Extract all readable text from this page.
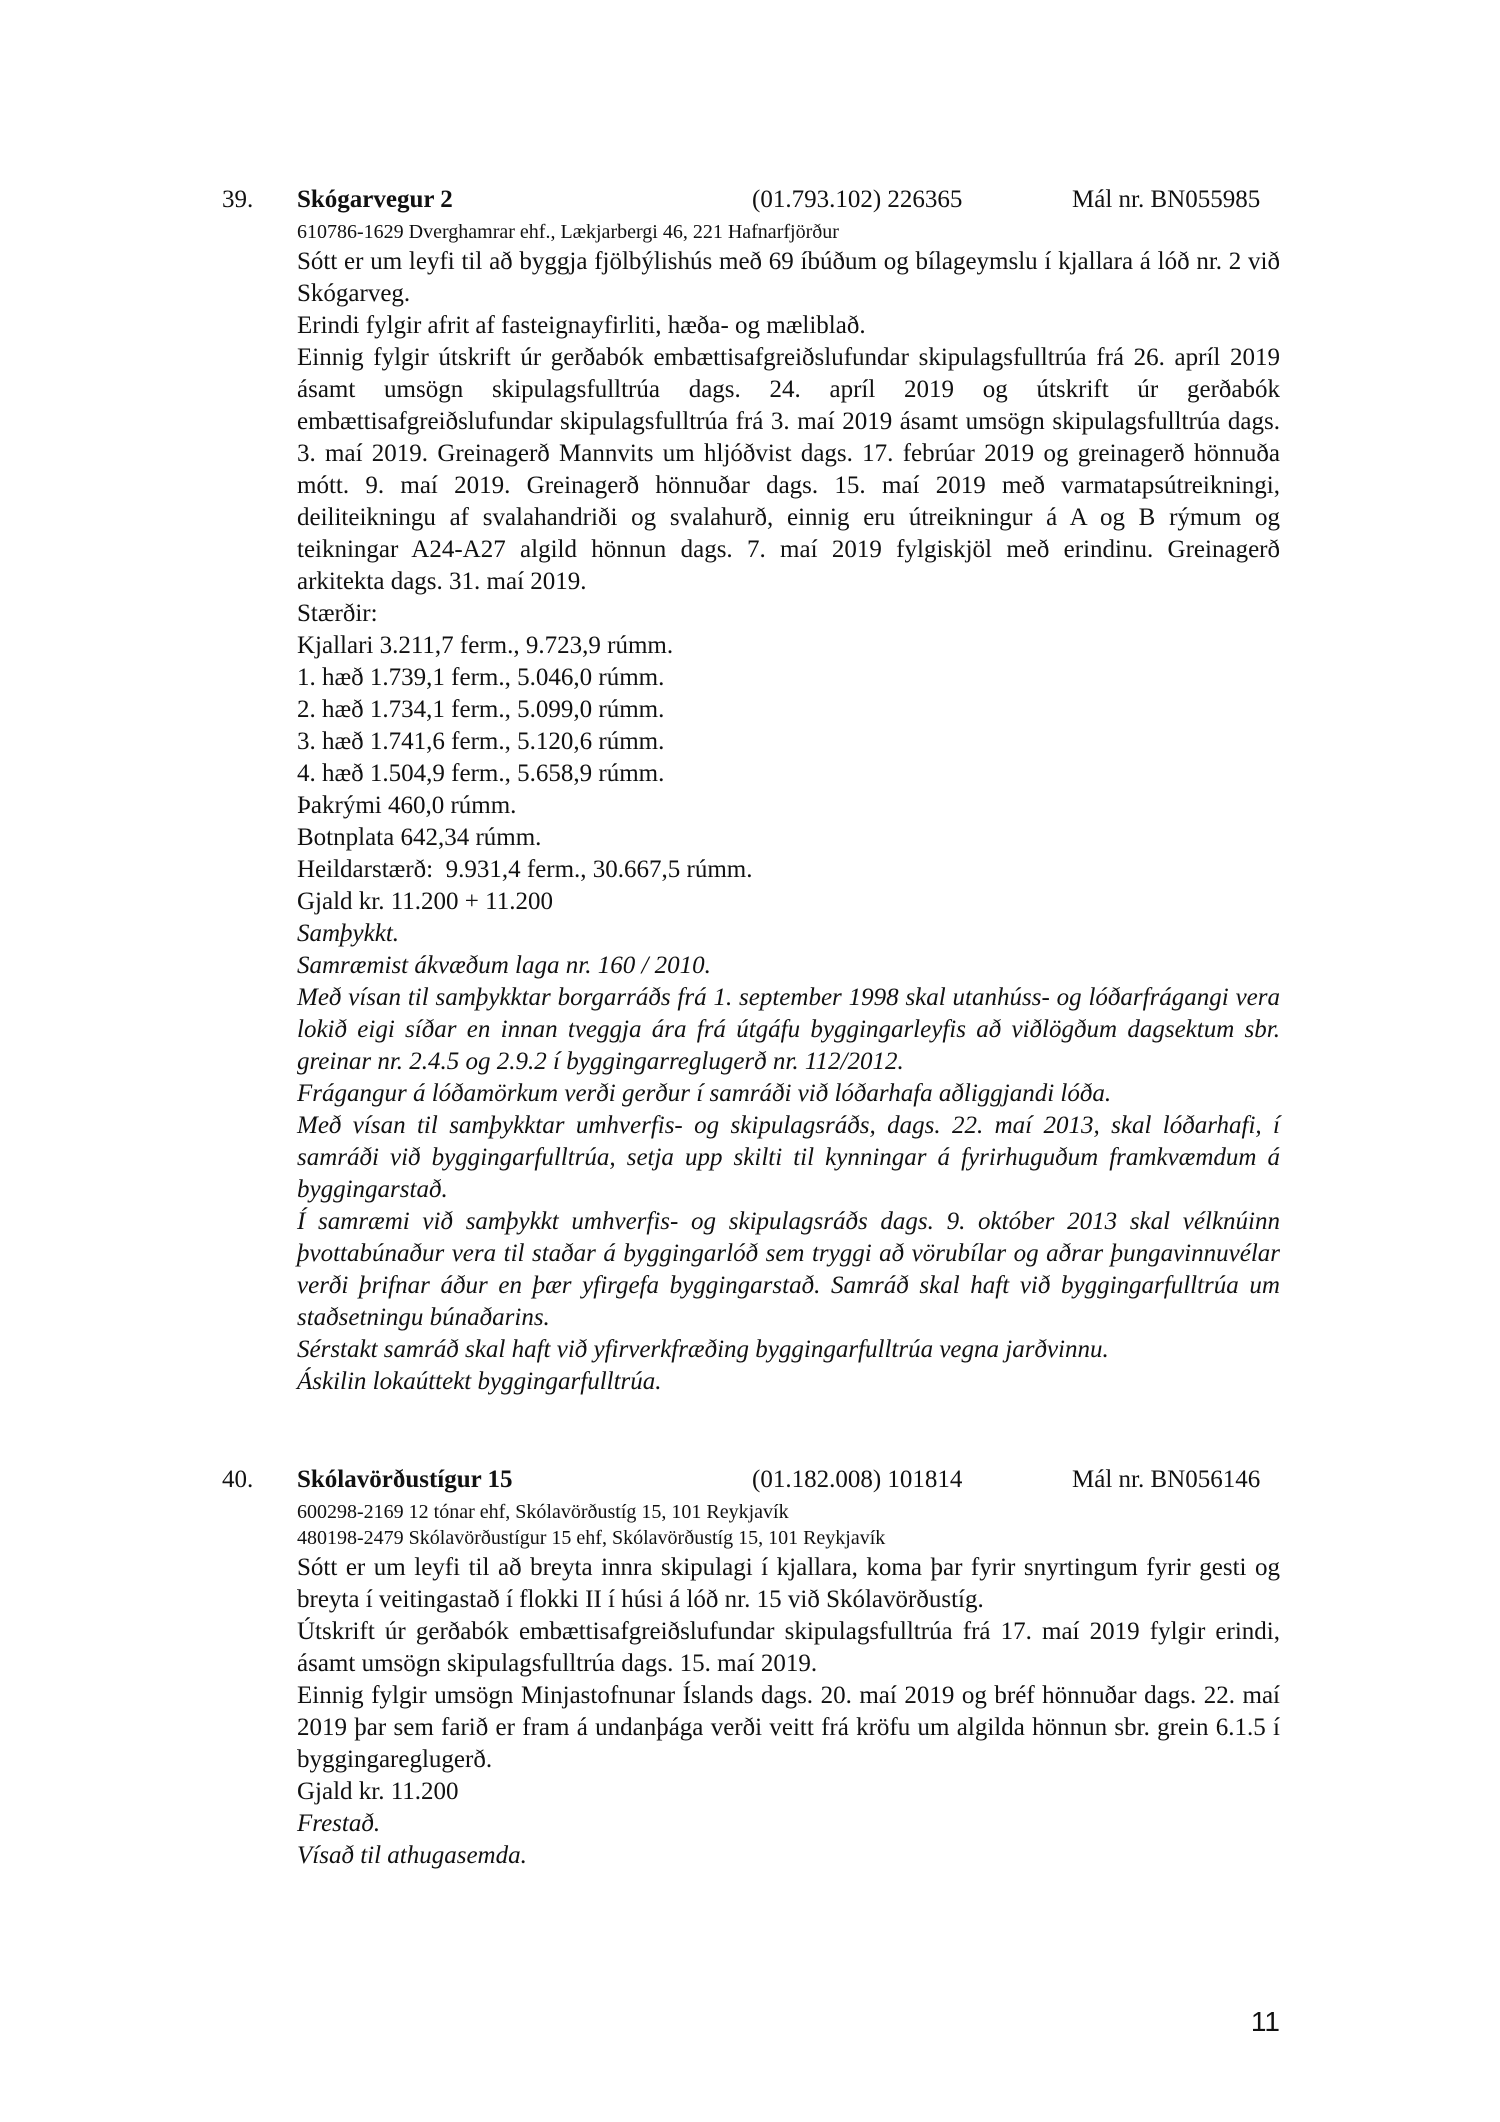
39. Skógarvegur 2	(01.793.102) 226365	Mál nr. BN055985
610786-1629 Dverghamrar ehf., Lækjarbergi 46, 221 Hafnarfjörður

Sótt er um leyfi til að byggja fjölbýlishús með 69 íbúðum og bílageymslu í kjallara á lóð nr. 2 við Skógarveg.

Erindi fylgir afrit af fasteignayfirliti, hæða- og mæliblað.

Einnig fylgir útskrift úr gerðabók embættisafgreiðslufundar skipulagsfulltrúa frá 26. apríl 2019 ásamt umsögn skipulagsfulltrúa dags. 24. apríl 2019 og útskrift úr gerðabók embættisafgreiðslufundar skipulagsfulltrúa frá 3. maí 2019 ásamt umsögn skipulagsfulltrúa dags. 3. maí 2019. Greinagerð Mannvits um hljóðvist dags. 17. febrúar 2019 og greinagerð hönnuða mótt. 9. maí 2019. Greinagerð hönnuðar dags. 15. maí 2019 með varmatapsútreikningi, deiliteikningu af svalahandriði og svalahurð, einnig eru útreikningur á A og B rýmum og teikningar A24-A27 algild hönnun dags. 7. maí 2019 fylgiskjöl með erindinu. Greinagerð arkitekta dags. 31. maí 2019.

Stærðir:

Kjallari 3.211,7 ferm., 9.723,9 rúmm.

1. hæð 1.739,1 ferm., 5.046,0 rúmm.

2. hæð 1.734,1 ferm., 5.099,0 rúmm.

3. hæð 1.741,6 ferm., 5.120,6 rúmm.

4. hæð 1.504,9 ferm., 5.658,9 rúmm.

Þakrými 460,0 rúmm.

Botnplata 642,34 rúmm.

Heildarstærð:  9.931,4 ferm., 30.667,5 rúmm.

Gjald kr. 11.200 + 11.200

Samþykkt.

Samræmist ákvæðum laga nr. 160 / 2010.

Með vísan til samþykktar borgarráðs frá 1. september 1998 skal utanhúss- og lóðarfrágangi vera lokið eigi síðar en innan tveggja ára frá útgáfu byggingarleyfis að viðlögðum dagsektum sbr. greinar nr. 2.4.5 og 2.9.2 í byggingarreglugerð nr. 112/2012.

Frágangur á lóðamörkum verði gerður í samráði við lóðarhafa aðliggjandi lóða.

Með vísan til samþykktar umhverfis- og skipulagsráðs, dags. 22. maí 2013, skal lóðarhafi, í samráði við byggingarfulltrúa, setja upp skilti til kynningar á fyrirhuguðum framkvæmdum á byggingarstað.

Í samræmi við samþykkt umhverfis- og skipulagsráðs dags. 9. október 2013 skal vélknúinn þvottabúnaður vera til staðar á byggingarlóð sem tryggi að vörubílar og aðrar þungavinnuvélar verði þrifnar áður en þær yfirgefa byggingarstað. Samráð skal haft við byggingarfulltrúa um staðsetningu búnaðarins.

Sérstakt samráð skal haft við yfirverkfræðing byggingarfulltrúa vegna jarðvinnu.

Áskilin lokaúttekt byggingarfulltrúa.

40. Skólavörðustígur 15	(01.182.008) 101814	Mál nr. BN056146
600298-2169 12 tónar ehf, Skólavörðustíg 15, 101 Reykjavík
480198-2479 Skólavörðustígur 15 ehf, Skólavörðustíg 15, 101 Reykjavík

Sótt er um leyfi til að breyta innra skipulagi í kjallara, koma þar fyrir snyrtingum fyrir gesti og breyta í veitingastað í flokki II í húsi á lóð nr. 15 við Skólavörðustíg.

Útskrift úr gerðabók embættisafgreiðslufundar skipulagsfulltrúa frá 17. maí 2019 fylgir erindi, ásamt umsögn skipulagsfulltrúa dags. 15. maí 2019.

Einnig fylgir umsögn Minjastofnunar Íslands dags. 20. maí 2019 og bréf hönnuðar dags. 22. maí 2019 þar sem farið er fram á undanþága verði veitt frá kröfu um algilda hönnun sbr. grein 6.1.5 í byggingareglugerð.

Gjald kr. 11.200

Frestað.

Vísað til athugasemda.

11
